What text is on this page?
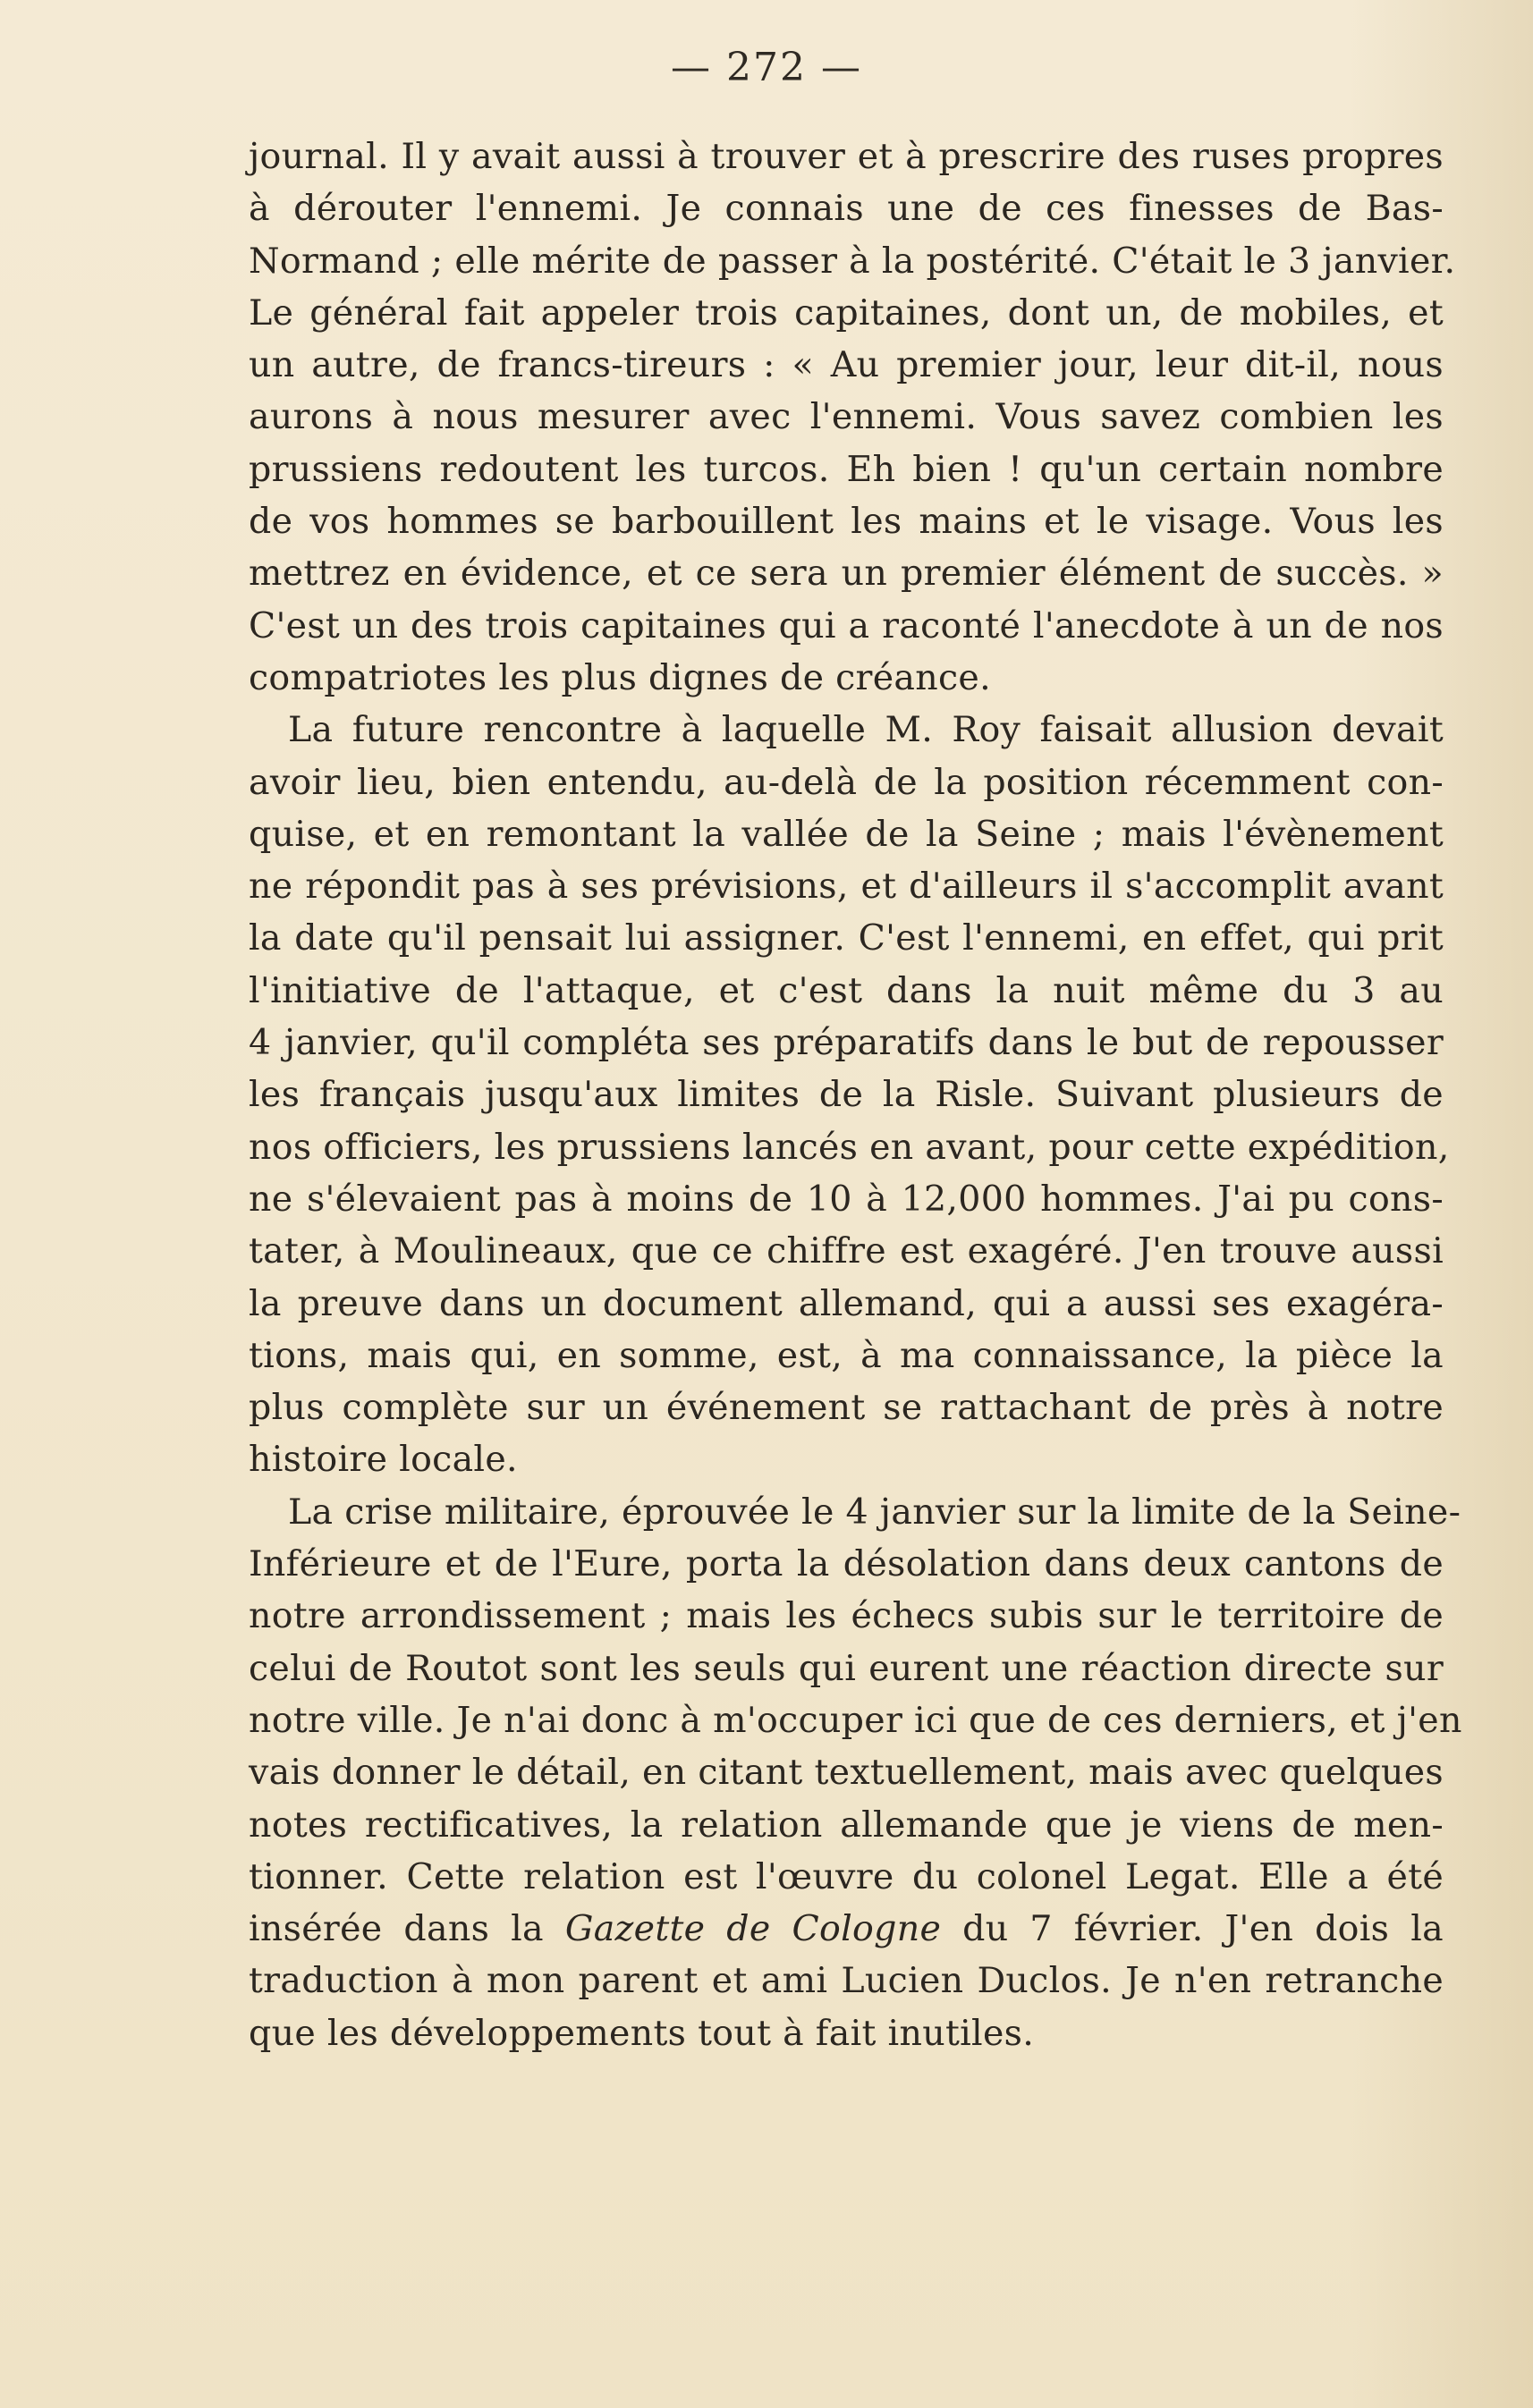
— 272 —
journal. Il y avait aussi à trouver et à prescrire des ruses propres
à dérouter l'ennemi. Je connais une de ces finesses de Bas-
Normand ; elle mérite de passer à la postérité. C'était le 3 janvier.
Le général fait appeler trois capitaines, dont un, de mobiles, et
un autre, de francs-tireurs : « Au premier jour, leur dit-il, nous
aurons à nous mesurer avec l'ennemi. Vous savez combien les
prussiens redoutent les turcos. Eh bien ! qu'un certain nombre
de vos hommes se barbouillent les mains et le visage. Vous les
mettrez en évidence, et ce sera un premier élément de succès. »
C'est un des trois capitaines qui a raconté l'anecdote à un de nos
compatriotes les plus dignes de créance.
La future rencontre à laquelle M. Roy faisait allusion devait
avoir lieu, bien entendu, au-delà de la position récemment con-
quise, et en remontant la vallée de la Seine ; mais l'évènement
ne répondit pas à ses prévisions, et d'ailleurs il s'accomplit avant
la date qu'il pensait lui assigner. C'est l'ennemi, en effet, qui prit
l'initiative de l'attaque, et c'est dans la nuit même du 3 au
4 janvier, qu'il compléta ses préparatifs dans le but de repousser
les français jusqu'aux limites de la Risle. Suivant plusieurs de
nos officiers, les prussiens lancés en avant, pour cette expédition,
ne s'élevaient pas à moins de 10 à 12,000 hommes. J'ai pu cons-
tater, à Moulineaux, que ce chiffre est exagéré. J'en trouve aussi
la preuve dans un document allemand, qui a aussi ses exagéra-
tions, mais qui, en somme, est, à ma connaissance, la pièce la
plus complète sur un événement se rattachant de près à notre
histoire locale.
La crise militaire, éprouvée le 4 janvier sur la limite de la Seine-
Inférieure et de l'Eure, porta la désolation dans deux cantons de
notre arrondissement ; mais les échecs subis sur le territoire de
celui de Routot sont les seuls qui eurent une réaction directe sur
notre ville. Je n'ai donc à m'occuper ici que de ces derniers, et j'en
vais donner le détail, en citant textuellement, mais avec quelques
notes rectificatives, la relation allemande que je viens de men-
tionner. Cette relation est l'œuvre du colonel Legat. Elle a été
insérée dans la Gazette de Cologne du 7 février. J'en dois la
traduction à mon parent et ami Lucien Duclos. Je n'en retranche
que les développements tout à fait inutiles.
